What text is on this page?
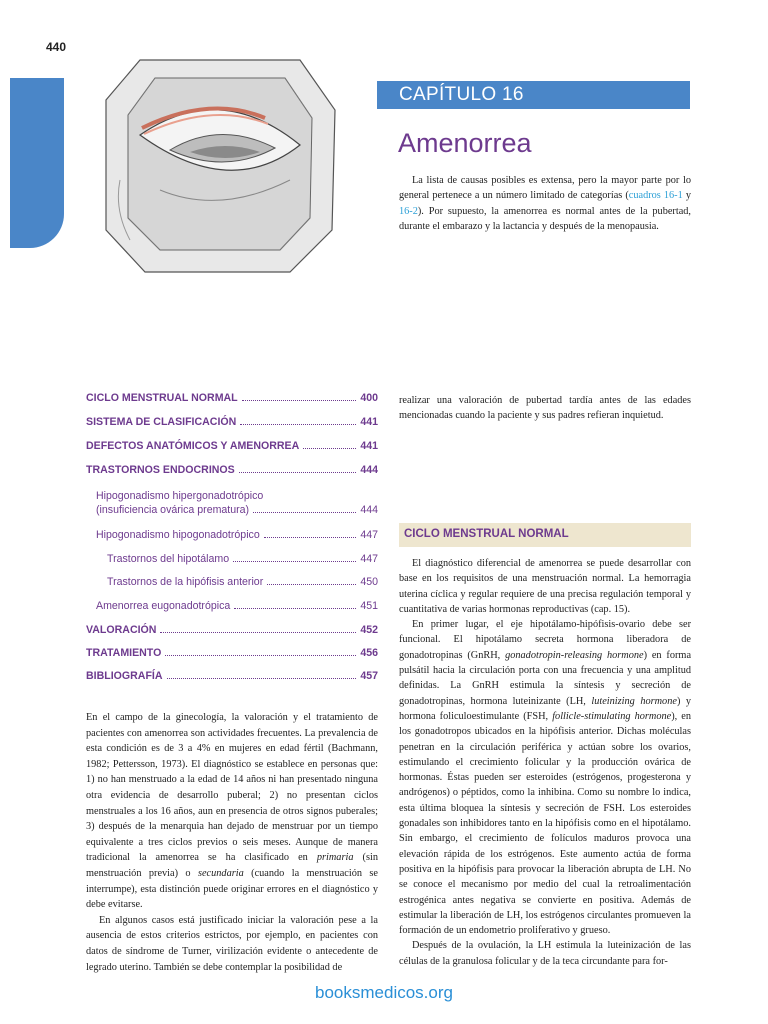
440
CAPÍTULO 16
Amenorrea

La lista de causas posibles es extensa, pero la mayor parte por lo general pertenece a un número limitado de categorías (cuadros 16-1 y 16-2). Por supuesto, la amenorrea es normal antes de la pubertad, durante el embarazo y la lactancia y después de la menopausia.

CICLO MENSTRUAL NORMAL	400
SISTEMA DE CLASIFICACIÓN	441
DEFECTOS ANATÓMICOS Y AMENORREA	441
TRASTORNOS ENDOCRINOS	444
Hipogonadismo hipergonadotrópico
(insuficiencia ovárica prematura)	444
Hipogonadismo hipogonadotrópico	447
Trastornos del hipotálamo	447
Trastornos de la hipófisis anterior	450
Amenorrea eugonadotrópica	451
VALORACIÓN	452
TRATAMIENTO	456
BIBLIOGRAFÍA	457

En el campo de la ginecología, la valoración y el tratamiento de pacientes con amenorrea son actividades frecuentes. La prevalencia de esta condición es de 3 a 4% en mujeres en edad fértil (Bachmann, 1982; Pettersson, 1973). El diagnóstico se establece en personas que: 1) no han menstruado a la edad de 14 años ni han presentado ninguna otra evidencia de desarrollo puberal; 2) no presentan ciclos menstruales a los 16 años, aun en presencia de otros signos puberales; 3) después de la menarquia han dejado de menstruar por un tiempo equivalente a tres ciclos previos o seis meses. Aunque de manera tradicional la amenorrea se ha clasificado en primaria (sin menstruación previa) o secundaria (cuando la menstruación se interrumpe), esta distinción puede originar errores en el diagnóstico y debe evitarse.

En algunos casos está justificado iniciar la valoración pese a la ausencia de estos criterios estrictos, por ejemplo, en pacientes con datos de síndrome de Turner, virilización evidente o antecedente de legrado uterino. También se debe contemplar la posibilidad de

realizar una valoración de pubertad tardía antes de las edades mencionadas cuando la paciente y sus padres refieran inquietud.

CICLO MENSTRUAL NORMAL

El diagnóstico diferencial de amenorrea se puede desarrollar con base en los requisitos de una menstruación normal. La hemorragia uterina cíclica y regular requiere de una precisa regulación temporal y cuantitativa de varias hormonas reproductivas (cap. 15).

En primer lugar, el eje hipotálamo-hipófisis-ovario debe ser funcional. El hipotálamo secreta hormona liberadora de gonadotropinas (GnRH, gonadotropin-releasing hormone) en forma pulsátil hacia la circulación porta con una frecuencia y una amplitud definidas. La GnRH estimula la síntesis y secreción de gonadotropinas, hormona luteinizante (LH, luteinizing hormone) y hormona foliculoestimulante (FSH, follicle-stimulating hormone), en los gonadotropos ubicados en la hipófisis anterior. Dichas moléculas penetran en la circulación periférica y actúan sobre los ovarios, estimulando el crecimiento folicular y la producción ovárica de hormonas. Éstas pueden ser esteroides (estrógenos, progesterona y andrógenos) o péptidos, como la inhibina. Como su nombre lo indica, esta última bloquea la síntesis y secreción de FSH. Los esteroides gonadales son inhibidores tanto en la hipófisis como en el hipotálamo. Sin embargo, el crecimiento de folículos maduros provoca una elevación rápida de los estrógenos. Este aumento actúa de forma positiva en la hipófisis para provocar la liberación abrupta de LH. No se conoce el mecanismo por medio del cual la retroalimentación estrogénica antes negativa se convierte en positiva. Además de estimular la liberación de LH, los estrógenos circulantes promueven la formación de un endometrio proliferativo y grueso.

Después de la ovulación, la LH estimula la luteinización de las células de la granulosa folicular y de la teca circundante para for-

booksmedicos.org
